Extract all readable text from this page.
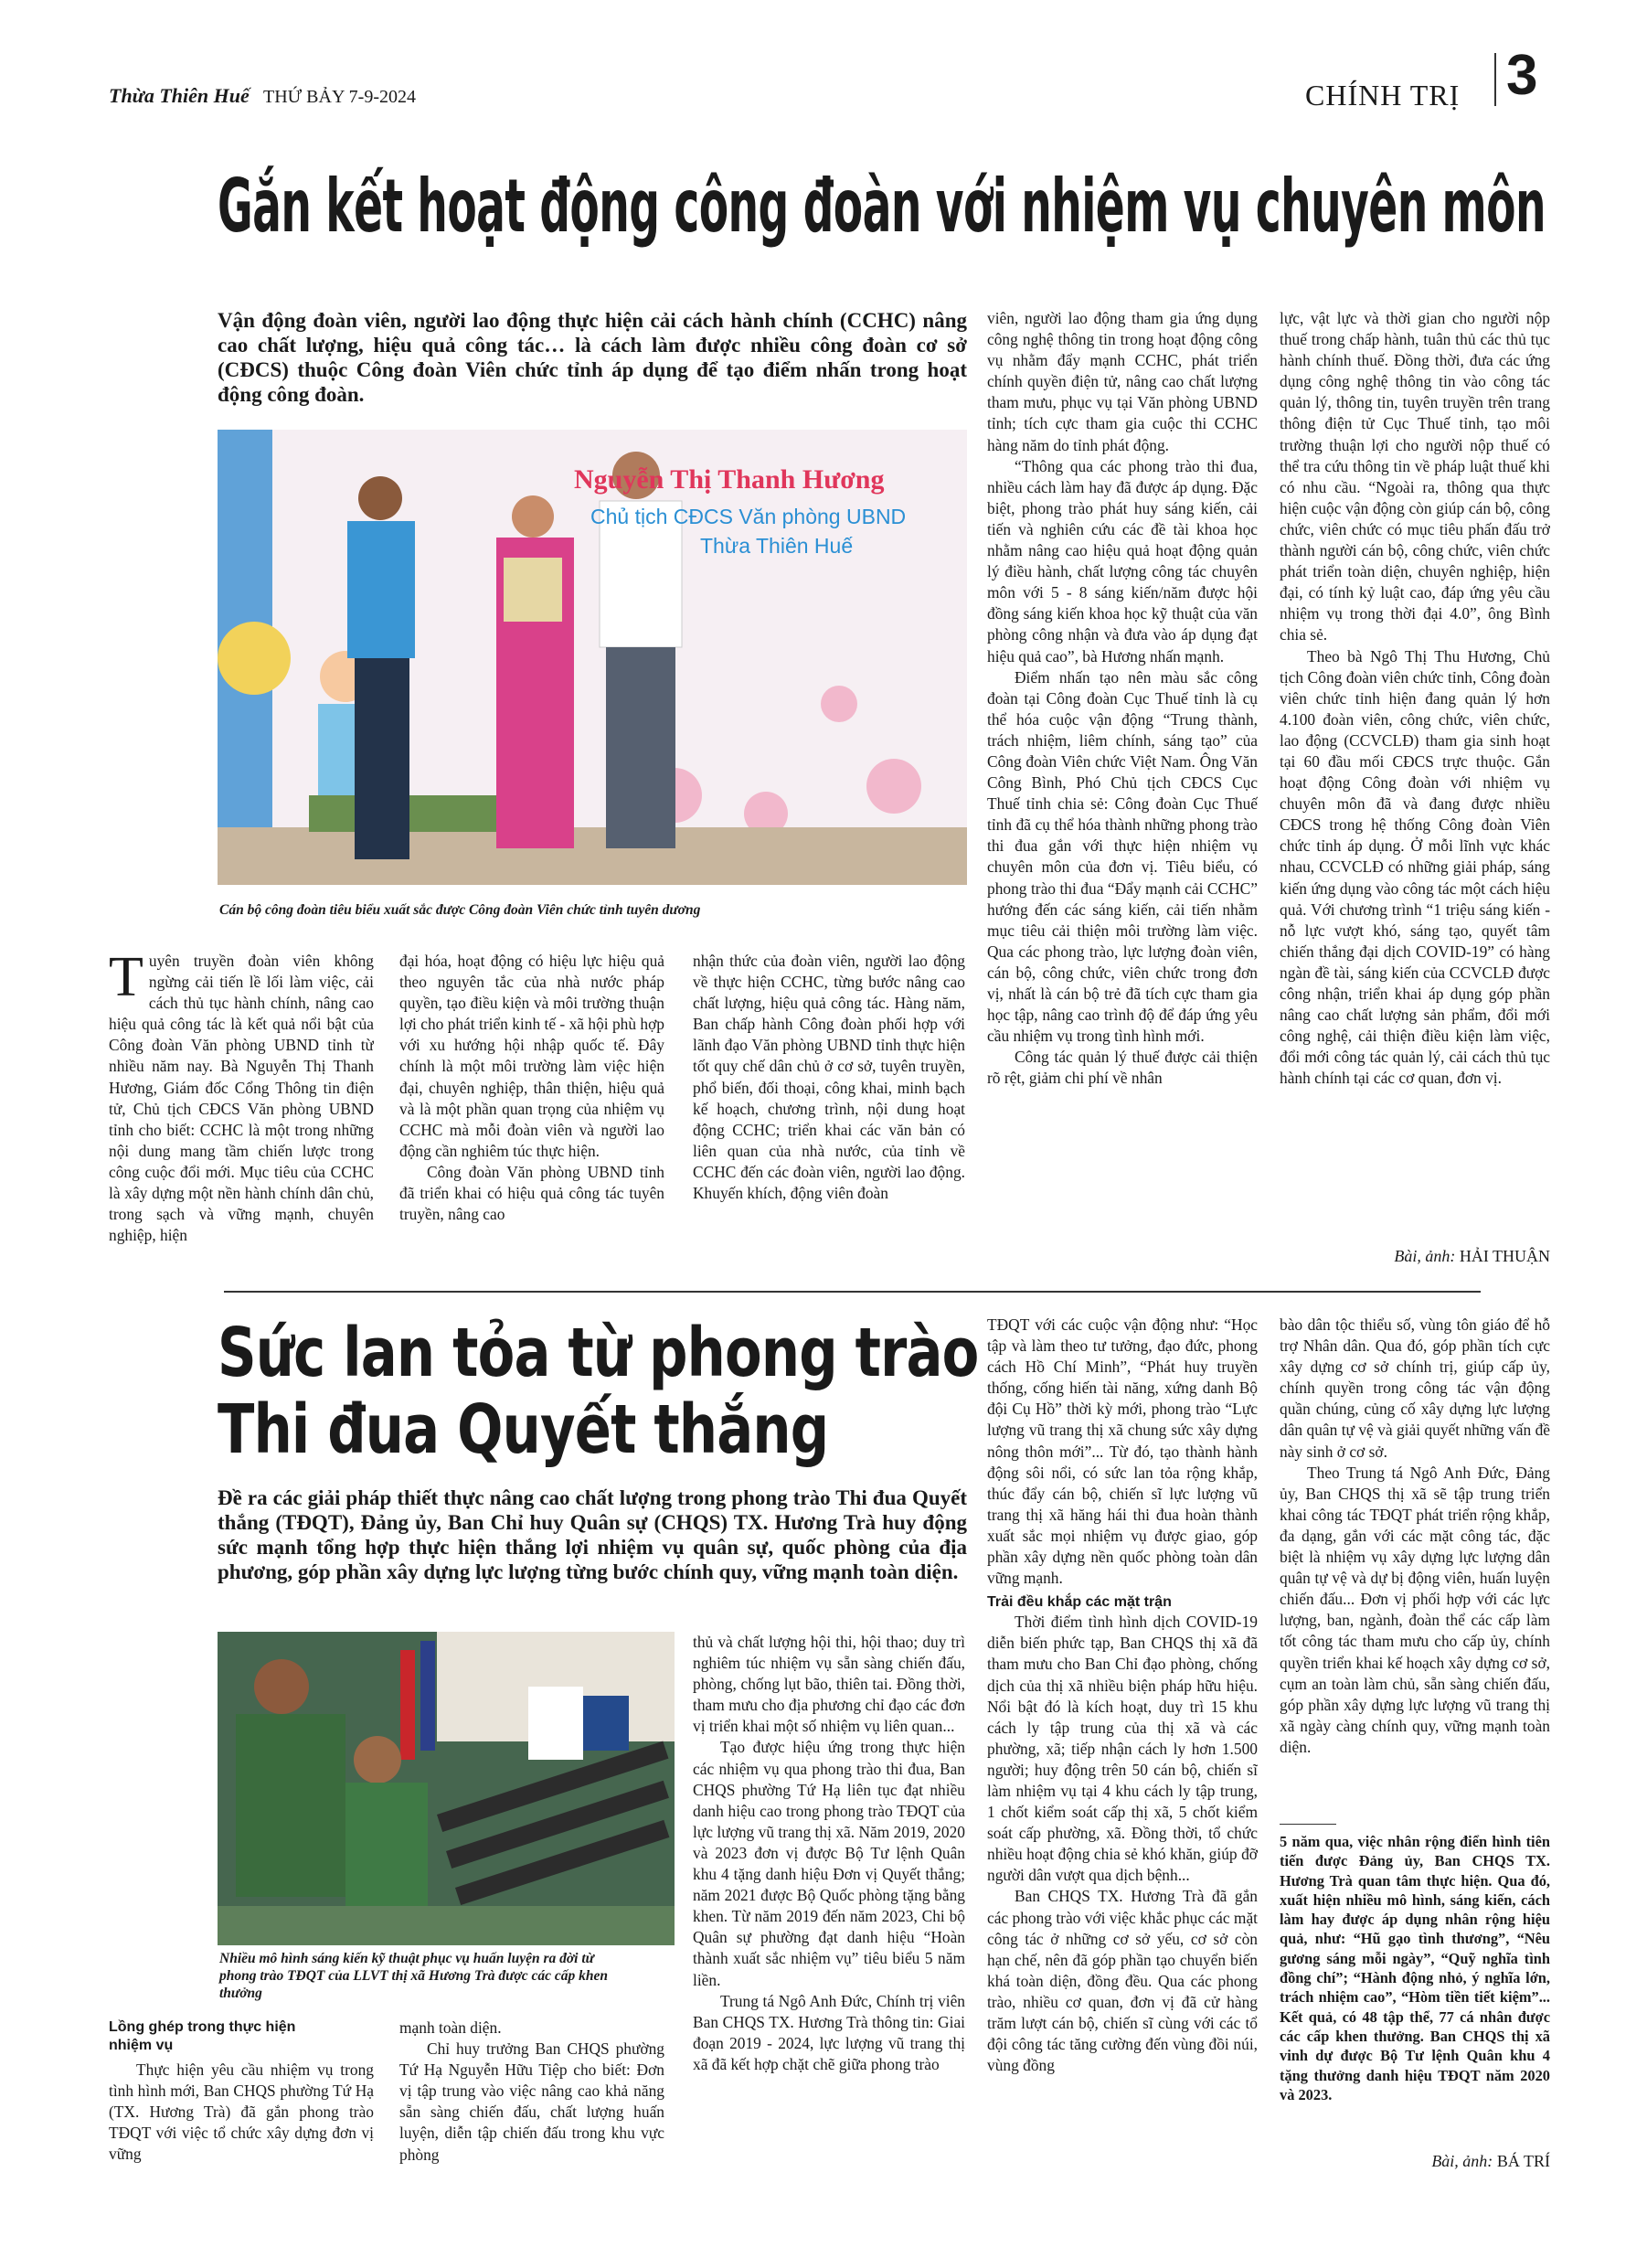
Thừa Thiên Huế THỨ BẢY 7-9-2024	CHÍNH TRỊ 3
Gắn kết hoạt động công đoàn với nhiệm vụ chuyên môn
Vận động đoàn viên, người lao động thực hiện cải cách hành chính (CCHC) nâng cao chất lượng, hiệu quả công tác… là cách làm được nhiều công đoàn cơ sở (CĐCS) thuộc Công đoàn Viên chức tỉnh áp dụng để tạo điểm nhấn trong hoạt động công đoàn.
Nguyễn Thị Thanh Hương
Chủ tịch CĐCS Văn phòng UBND
Thừa Thiên Huế
Cán bộ công đoàn tiêu biểu xuất sắc được Công đoàn Viên chức tỉnh tuyên dương
Tuyên truyền đoàn viên không ngừng cải tiến lề lối làm việc, cải cách thủ tục hành chính, nâng cao hiệu quả công tác là kết quả nổi bật của Công đoàn Văn phòng UBND tỉnh từ nhiều năm nay. Bà Nguyễn Thị Thanh Hương, Giám đốc Cổng Thông tin điện tử, Chủ tịch CĐCS Văn phòng UBND tỉnh cho biết: CCHC là một trong những nội dung mang tầm chiến lược trong công cuộc đổi mới. Mục tiêu của CCHC là xây dựng một nền hành chính dân chủ, trong sạch và vững mạnh, chuyên nghiệp, hiện

đại hóa, hoạt động có hiệu lực hiệu quả theo nguyên tắc của nhà nước pháp quyền, tạo điều kiện và môi trường thuận lợi cho phát triển kinh tế - xã hội phù hợp với xu hướng hội nhập quốc tế. Đây chính là một môi trường làm việc hiện đại, chuyên nghiệp, thân thiện, hiệu quả và là một phần quan trọng của nhiệm vụ CCHC mà mỗi đoàn viên và người lao động cần nghiêm túc thực hiện.

Công đoàn Văn phòng UBND tỉnh đã triển khai có hiệu quả công tác tuyên truyền, nâng cao

nhận thức của đoàn viên, người lao động về thực hiện CCHC, từng bước nâng cao chất lượng, hiệu quả công tác. Hàng năm, Ban chấp hành Công đoàn phối hợp với lãnh đạo Văn phòng UBND tỉnh thực hiện tốt quy chế dân chủ ở cơ sở, tuyên truyền, phổ biến, đối thoại, công khai, minh bạch kế hoạch, chương trình, nội dung hoạt động CCHC; triển khai các văn bản có liên quan của nhà nước, của tỉnh về CCHC đến các đoàn viên, người lao động. Khuyến khích, động viên đoàn

viên, người lao động tham gia ứng dụng công nghệ thông tin trong hoạt động công vụ nhằm đẩy mạnh CCHC, phát triển chính quyền điện tử, nâng cao chất lượng tham mưu, phục vụ tại Văn phòng UBND tỉnh; tích cực tham gia cuộc thi CCHC hàng năm do tỉnh phát động.

“Thông qua các phong trào thi đua, nhiều cách làm hay đã được áp dụng. Đặc biệt, phong trào phát huy sáng kiến, cải tiến và nghiên cứu các đề tài khoa học nhằm nâng cao hiệu quả hoạt động quản lý điều hành, chất lượng công tác chuyên môn với 5 - 8 sáng kiến/năm được hội đồng sáng kiến khoa học kỹ thuật của văn phòng công nhận và đưa vào áp dụng đạt hiệu quả cao”, bà Hương nhấn mạnh.

Điểm nhấn tạo nên màu sắc công đoàn tại Công đoàn Cục Thuế tỉnh là cụ thể hóa cuộc vận động “Trung thành, trách nhiệm, liêm chính, sáng tạo” của Công đoàn Viên chức Việt Nam. Ông Văn Công Bình, Phó Chủ tịch CĐCS Cục Thuế tỉnh chia sẻ: Công đoàn Cục Thuế tỉnh đã cụ thể hóa thành những phong trào thi đua gắn với thực hiện nhiệm vụ chuyên môn của đơn vị. Tiêu biểu, có phong trào thi đua “Đẩy mạnh cải CCHC” hướng đến các sáng kiến, cải tiến nhằm mục tiêu cải thiện môi trường làm việc. Qua các phong trào, lực lượng đoàn viên, cán bộ, công chức, viên chức trong đơn vị, nhất là cán bộ trẻ đã tích cực tham gia học tập, nâng cao trình độ để đáp ứng yêu cầu nhiệm vụ trong tình hình mới.

Công tác quản lý thuế được cải thiện rõ rệt, giảm chi phí về nhân

lực, vật lực và thời gian cho người nộp thuế trong chấp hành, tuân thủ các thủ tục hành chính thuế. Đồng thời, đưa các ứng dụng công nghệ thông tin vào công tác quản lý, thông tin, tuyên truyền trên trang thông điện tử Cục Thuế tỉnh, tạo môi trường thuận lợi cho người nộp thuế có thể tra cứu thông tin về pháp luật thuế khi có nhu cầu. “Ngoài ra, thông qua thực hiện cuộc vận động còn giúp cán bộ, công chức, viên chức có mục tiêu phấn đấu trở thành người cán bộ, công chức, viên chức phát triển toàn diện, chuyên nghiệp, hiện đại, có tính kỷ luật cao, đáp ứng yêu cầu nhiệm vụ trong thời đại 4.0”, ông Bình chia sẻ.

Theo bà Ngô Thị Thu Hương, Chủ tịch Công đoàn viên chức tỉnh, Công đoàn viên chức tỉnh hiện đang quản lý hơn 4.100 đoàn viên, công chức, viên chức, lao động (CCVCLĐ) tham gia sinh hoạt tại 60 đầu mối CĐCS trực thuộc. Gắn hoạt động Công đoàn với nhiệm vụ chuyên môn đã và đang được nhiều CĐCS trong hệ thống Công đoàn Viên chức tỉnh áp dụng. Ở mỗi lĩnh vực khác nhau, CCVCLĐ có những giải pháp, sáng kiến ứng dụng vào công tác một cách hiệu quả. Với chương trình “1 triệu sáng kiến - nỗ lực vượt khó, sáng tạo, quyết tâm chiến thắng đại dịch COVID-19” có hàng ngàn đề tài, sáng kiến của CCVCLĐ được công nhận, triển khai áp dụng góp phần nâng cao chất lượng sản phẩm, đổi mới công nghệ, cải thiện điều kiện làm việc, đổi mới công tác quản lý, cải cách thủ tục hành chính tại các cơ quan, đơn vị.

Bài, ảnh: HẢI THUẬN
Sức lan tỏa từ phong trào
Thi đua Quyết thắng
Đề ra các giải pháp thiết thực nâng cao chất lượng trong phong trào Thi đua Quyết thắng (TĐQT), Đảng ủy, Ban Chỉ huy Quân sự (CHQS) TX. Hương Trà huy động sức mạnh tổng hợp thực hiện thắng lợi nhiệm vụ quân sự, quốc phòng của địa phương, góp phần xây dựng lực lượng từng bước chính quy, vững mạnh toàn diện.
Nhiều mô hình sáng kiến kỹ thuật phục vụ huấn luyện ra đời từ phong trào TĐQT của LLVT thị xã Hương Trà được các cấp khen thưởng
Lồng ghép trong thực hiện nhiệm vụ

Thực hiện yêu cầu nhiệm vụ trong tình hình mới, Ban CHQS phường Tứ Hạ (TX. Hương Trà) đã gắn phong trào TĐQT với việc tổ chức xây dựng đơn vị vững

mạnh toàn diện.

Chỉ huy trưởng Ban CHQS phường Tứ Hạ Nguyễn Hữu Tiệp cho biết: Đơn vị tập trung vào việc nâng cao khả năng sẵn sàng chiến đấu, chất lượng huấn luyện, diễn tập chiến đấu trong khu vực phòng

thủ và chất lượng hội thi, hội thao; duy trì nghiêm túc nhiệm vụ sẵn sàng chiến đấu, phòng, chống lụt bão, thiên tai. Đồng thời, tham mưu cho địa phương chỉ đạo các đơn vị triển khai một số nhiệm vụ liên quan...

Tạo được hiệu ứng trong thực hiện các nhiệm vụ qua phong trào thi đua, Ban CHQS phường Tứ Hạ liên tục đạt nhiều danh hiệu cao trong phong trào TĐQT của lực lượng vũ trang thị xã. Năm 2019, 2020 và 2023 đơn vị được Bộ Tư lệnh Quân khu 4 tặng danh hiệu Đơn vị Quyết thắng; năm 2021 được Bộ Quốc phòng tặng bằng khen. Từ năm 2019 đến năm 2023, Chi bộ Quân sự phường đạt danh hiệu “Hoàn thành xuất sắc nhiệm vụ” tiêu biểu 5 năm liền.

Trung tá Ngô Anh Đức, Chính trị viên Ban CHQS TX. Hương Trà thông tin: Giai đoạn 2019 - 2024, lực lượng vũ trang thị xã đã kết hợp chặt chẽ giữa phong trào

TĐQT với các cuộc vận động như: “Học tập và làm theo tư tưởng, đạo đức, phong cách Hồ Chí Minh”, “Phát huy truyền thống, cống hiến tài năng, xứng danh Bộ đội Cụ Hồ” thời kỳ mới, phong trào “Lực lượng vũ trang thị xã chung sức xây dựng nông thôn mới”... Từ đó, tạo thành hành động sôi nổi, có sức lan tỏa rộng khắp, thúc đẩy cán bộ, chiến sĩ lực lượng vũ trang thị xã hăng hái thi đua hoàn thành xuất sắc mọi nhiệm vụ được giao, góp phần xây dựng nền quốc phòng toàn dân vững mạnh.

Trải đều khắp các mặt trận

Thời điểm tình hình dịch COVID-19 diễn biến phức tạp, Ban CHQS thị xã đã tham mưu cho Ban Chỉ đạo phòng, chống dịch của thị xã nhiều biện pháp hữu hiệu. Nổi bật đó là kích hoạt, duy trì 15 khu cách ly tập trung của thị xã và các phường, xã; tiếp nhận cách ly hơn 1.500 người; huy động trên 50 cán bộ, chiến sĩ làm nhiệm vụ tại 4 khu cách ly tập trung, 1 chốt kiểm soát cấp thị xã, 5 chốt kiểm soát cấp phường, xã. Đồng thời, tổ chức nhiều hoạt động chia sẻ khó khăn, giúp đỡ người dân vượt qua dịch bệnh...

Ban CHQS TX. Hương Trà đã gắn các phong trào với việc khắc phục các mặt công tác ở những cơ sở yếu, cơ sở còn hạn chế, nên đã góp phần tạo chuyển biến khá toàn diện, đồng đều. Qua các phong trào, nhiều cơ quan, đơn vị đã cử hàng trăm lượt cán bộ, chiến sĩ cùng với các tổ đội công tác tăng cường đến vùng đồi núi, vùng đồng

bào dân tộc thiểu số, vùng tôn giáo để hỗ trợ Nhân dân. Qua đó, góp phần tích cực xây dựng cơ sở chính trị, giúp cấp ủy, chính quyền trong công tác vận động quần chúng, củng cố xây dựng lực lượng dân quân tự vệ và giải quyết những vấn đề này sinh ở cơ sở.

Theo Trung tá Ngô Anh Đức, Đảng ủy, Ban CHQS thị xã sẽ tập trung triển khai công tác TĐQT phát triển rộng khắp, đa dạng, gắn với các mặt công tác, đặc biệt là nhiệm vụ xây dựng lực lượng dân quân tự vệ và dự bị động viên, huấn luyện chiến đấu... Đơn vị phối hợp với các lực lượng, ban, ngành, đoàn thể các cấp làm tốt công tác tham mưu cho cấp ủy, chính quyền triển khai kế hoạch xây dựng cơ sở, cụm an toàn làm chủ, sẵn sàng chiến đấu, góp phần xây dựng lực lượng vũ trang thị xã ngày càng chính quy, vững mạnh toàn diện.

5 năm qua, việc nhân rộng điển hình tiên tiến được Đảng ủy, Ban CHQS TX. Hương Trà quan tâm thực hiện. Qua đó, xuất hiện nhiều mô hình, sáng kiến, cách làm hay được áp dụng nhân rộng hiệu quả, như: “Hũ gạo tình thương”, “Nêu gương sáng mỗi ngày”, “Quỹ nghĩa tình đồng chí”; “Hành động nhỏ, ý nghĩa lớn, trách nhiệm cao”, “Hòm tiền tiết kiệm”... Kết quả, có 48 tập thể, 77 cá nhân được các cấp khen thưởng. Ban CHQS thị xã vinh dự được Bộ Tư lệnh Quân khu 4 tặng thưởng danh hiệu TĐQT năm 2020 và 2023.

Bài, ảnh: BÁ TRÍ
